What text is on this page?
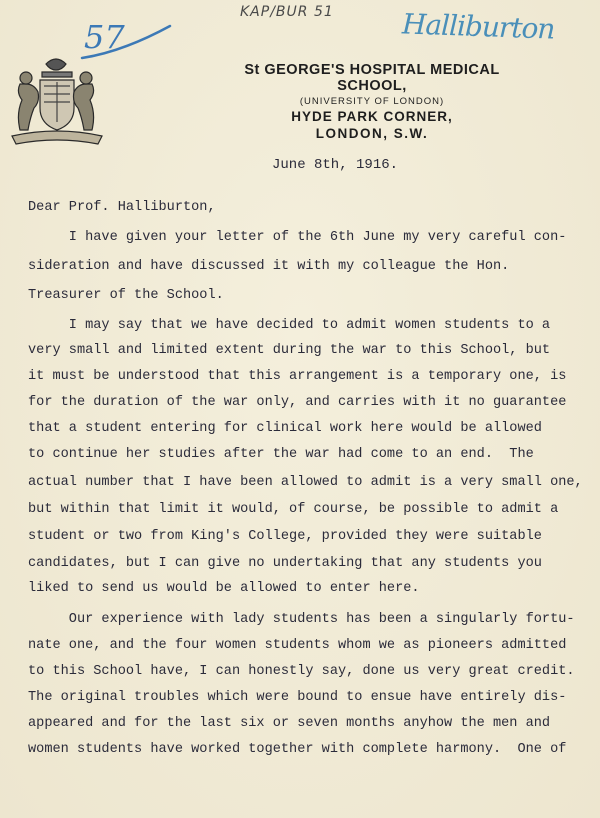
KAP/BUR 51 Halliburton
57
St GEORGE'S HOSPITAL MEDICAL SCHOOL,
(UNIVERSITY OF LONDON)
HYDE PARK CORNER,
LONDON, S.W.
June 8th, 1916.
Dear Prof. Halliburton,
I have given your letter of the 6th June my very careful con-
sideration and have discussed it with my colleague the Hon.
Treasurer of the School.
I may say that we have decided to admit women students to a
very small and limited extent during the war to this School, but
it must be understood that this arrangement is a temporary one, is
for the duration of the war only, and carries with it no guarantee
that a student entering for clinical work here would be allowed
to continue her studies after the war had come to an end.  The
actual number that I have been allowed to admit is a very small one,
but within that limit it would, of course, be possible to admit a
student or two from King's College, provided they were suitable
candidates, but I can give no undertaking that any students you
liked to send us would be allowed to enter here.
Our experience with lady students has been a singularly fortu-
nate one, and the four women students whom we as pioneers admitted
to this School have, I can honestly say, done us very great credit.
The original troubles which were bound to ensue have entirely dis-
appeared and for the last six or seven months anyhow the men and
women students have worked together with complete harmony.  One of
